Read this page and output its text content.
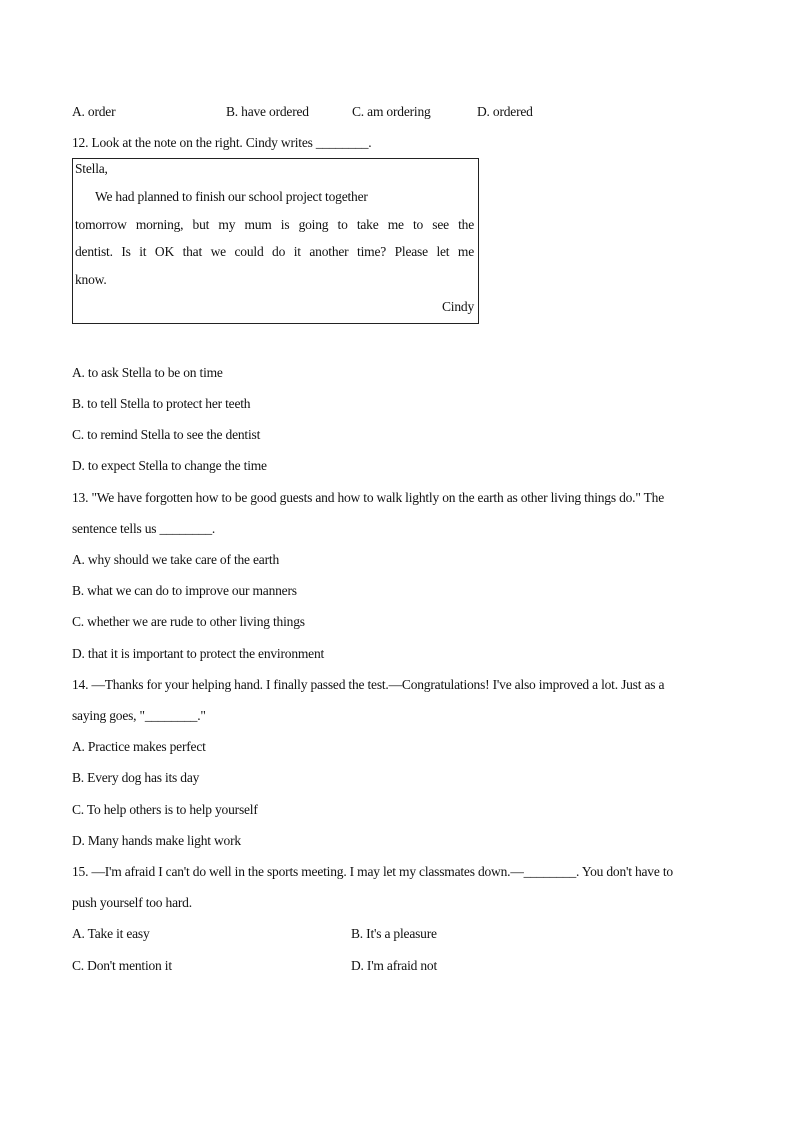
A. order	B. have ordered	C. am ordering	D. ordered
12. Look at the note on the right. Cindy writes ________.
Stella,
We had planned to finish our school project together
tomorrow morning, but my mum is going to take me to see the
dentist. Is it OK that we could do it another time? Please let me
know.
Cindy
A. to ask Stella to be on time
B. to tell Stella to protect her teeth
C. to remind Stella to see the dentist
D. to expect Stella to change the time
13. "We have forgotten how to be good guests and how to walk lightly on the earth as other living things do." The
sentence tells us ________.
A. why should we take care of the earth
B. what we can do to improve our manners
C. whether we are rude to other living things
D. that it is important to protect the environment
14. —Thanks for your helping hand. I finally passed the test.—Congratulations! I've also improved a lot. Just as a
saying goes, "________."
A. Practice makes perfect
B. Every dog has its day
C. To help others is to help yourself
D. Many hands make light work
15. —I'm afraid I can't do well in the sports meeting. I may let my classmates down.—________. You don't have to
push yourself too hard.
A. Take it easy	B. It's a pleasure
C. Don't mention it	D. I'm afraid not
